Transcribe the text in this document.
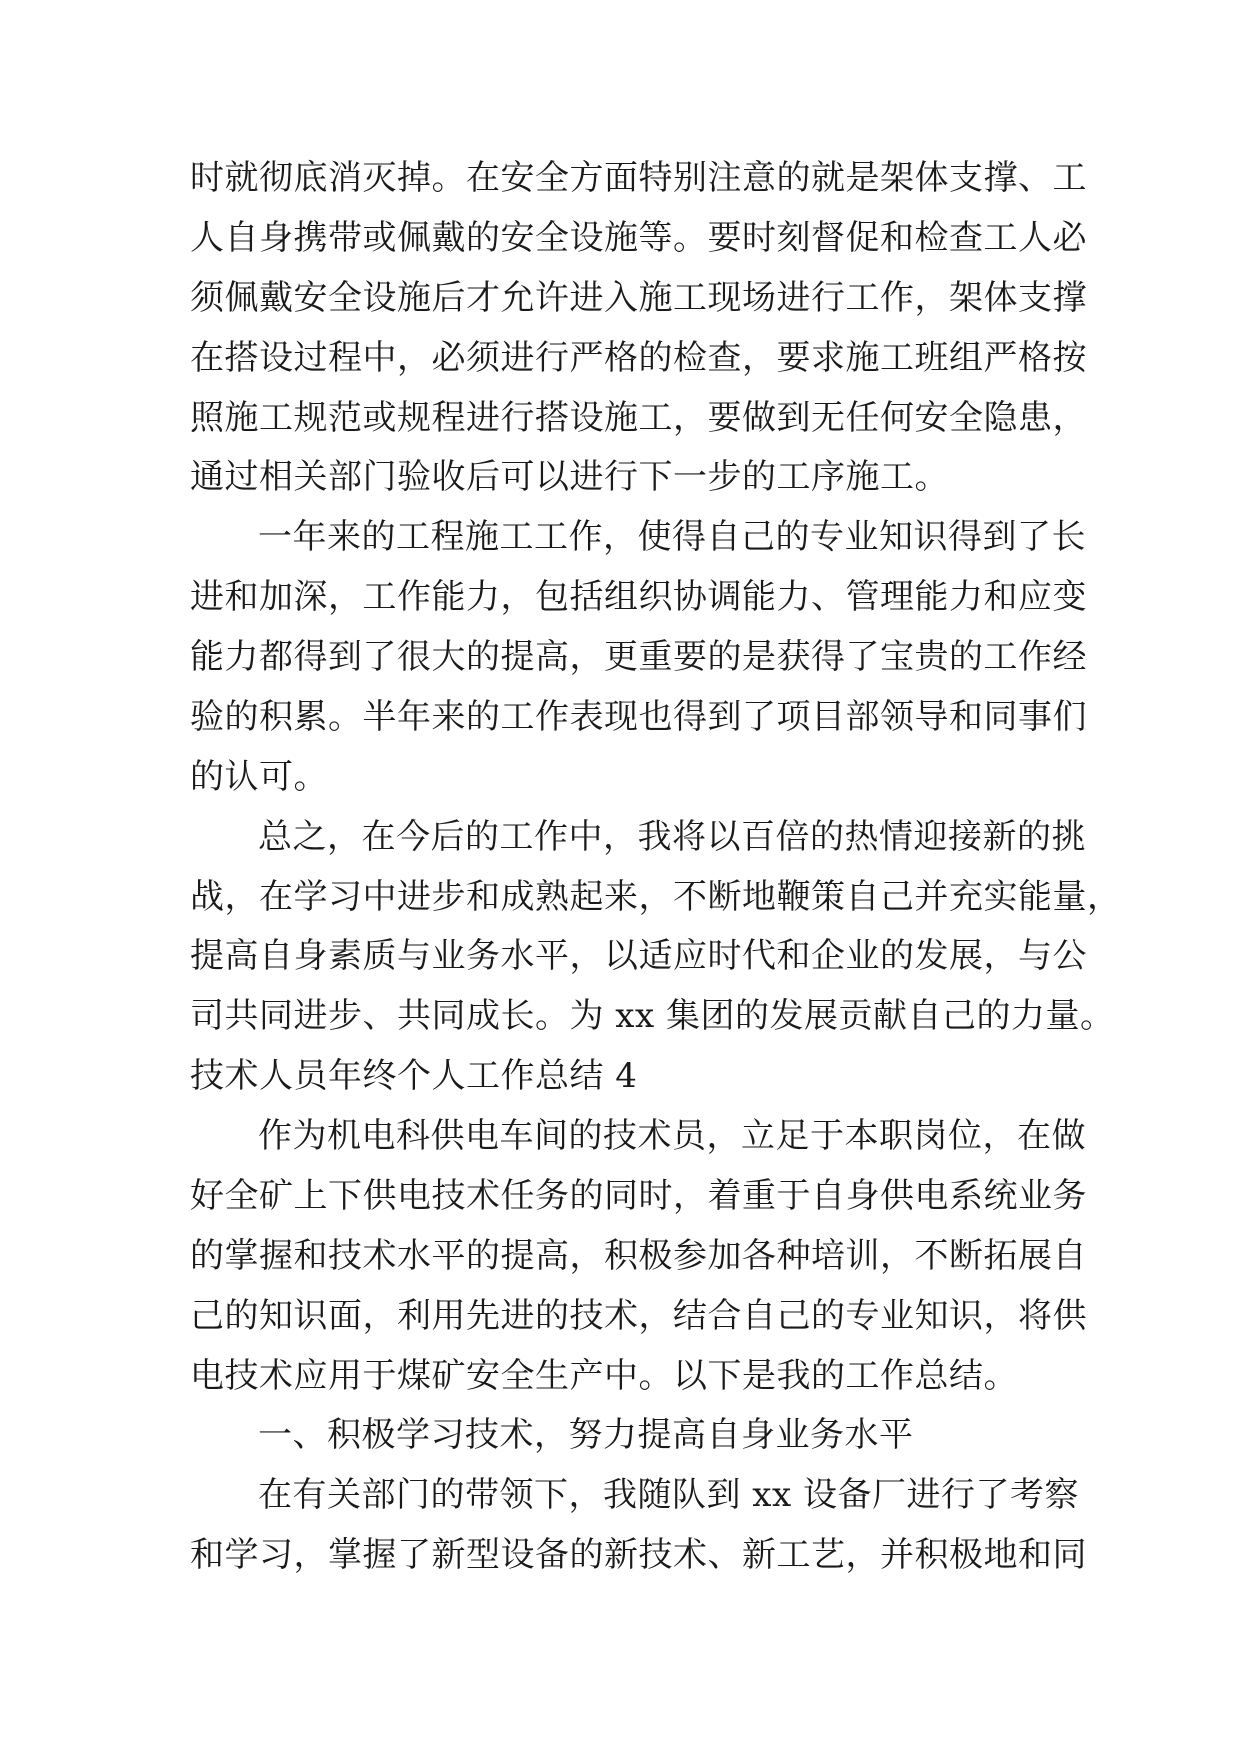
时就彻底消灭掉。在安全方面特别注意的就是架体支撑、工
人自身携带或佩戴的安全设施等。要时刻督促和检查工人必
须佩戴安全设施后才允许进入施工现场进行工作，架体支撑
在搭设过程中，必须进行严格的检查，要求施工班组严格按
照施工规范或规程进行搭设施工，要做到无任何安全隐患，
通过相关部门验收后可以进行下一步的工序施工。
一年来的工程施工工作，使得自己的专业知识得到了长
进和加深，工作能力，包括组织协调能力、管理能力和应变
能力都得到了很大的提高，更重要的是获得了宝贵的工作经
验的积累。半年来的工作表现也得到了项目部领导和同事们
的认可。
总之，在今后的工作中，我将以百倍的热情迎接新的挑
战，在学习中进步和成熟起来，不断地鞭策自己并充实能量，
提高自身素质与业务水平，以适应时代和企业的发展，与公
司共同进步、共同成长。为 xx 集团的发展贡献自己的力量。
技术人员年终个人工作总结 4
作为机电科供电车间的技术员，立足于本职岗位，在做
好全矿上下供电技术任务的同时，着重于自身供电系统业务
的掌握和技术水平的提高，积极参加各种培训，不断拓展自
己的知识面，利用先进的技术，结合自己的专业知识，将供
电技术应用于煤矿安全生产中。以下是我的工作总结。
一、积极学习技术，努力提高自身业务水平
在有关部门的带领下，我随队到 xx 设备厂进行了考察
和学习，掌握了新型设备的新技术、新工艺，并积极地和同
